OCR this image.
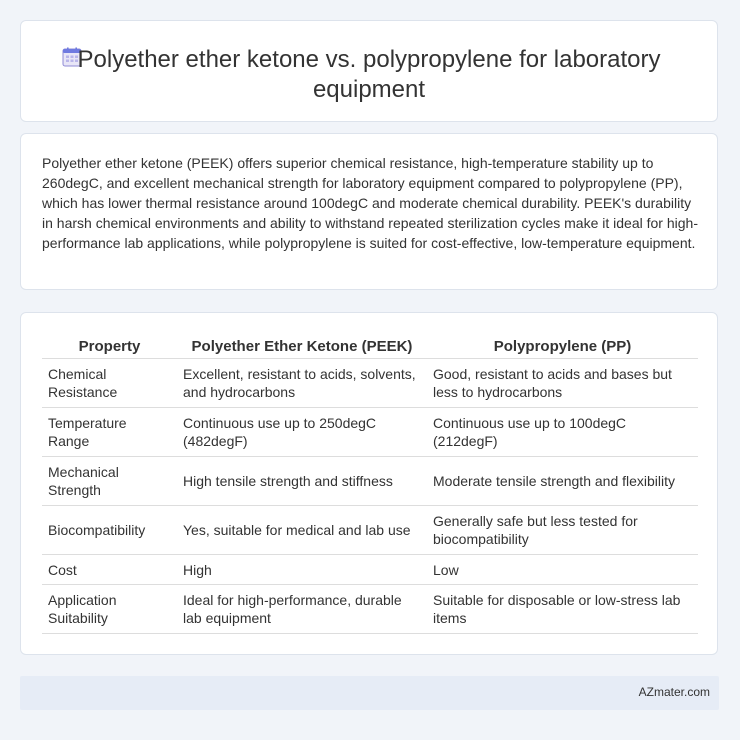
Polyether ether ketone vs. polypropylene for laboratory equipment

Polyether ether ketone (PEEK) offers superior chemical resistance, high-temperature stability up to 260degC, and excellent mechanical strength for laboratory equipment compared to polypropylene (PP), which has lower thermal resistance around 100degC and moderate chemical durability. PEEK's durability in harsh chemical environments and ability to withstand repeated sterilization cycles make it ideal for high-performance lab applications, while polypropylene is suited for cost-effective, low-temperature equipment.

Property	Polyether Ether Ketone (PEEK)	Polypropylene (PP)
Chemical Resistance	Excellent, resistant to acids, solvents, and hydrocarbons	Good, resistant to acids and bases but less to hydrocarbons
Temperature Range	Continuous use up to 250degC (482degF)	Continuous use up to 100degC (212degF)
Mechanical Strength	High tensile strength and stiffness	Moderate tensile strength and flexibility
Biocompatibility	Yes, suitable for medical and lab use	Generally safe but less tested for biocompatibility
Cost	High	Low
Application Suitability	Ideal for high-performance, durable lab equipment	Suitable for disposable or low-stress lab items
AZmater.com
